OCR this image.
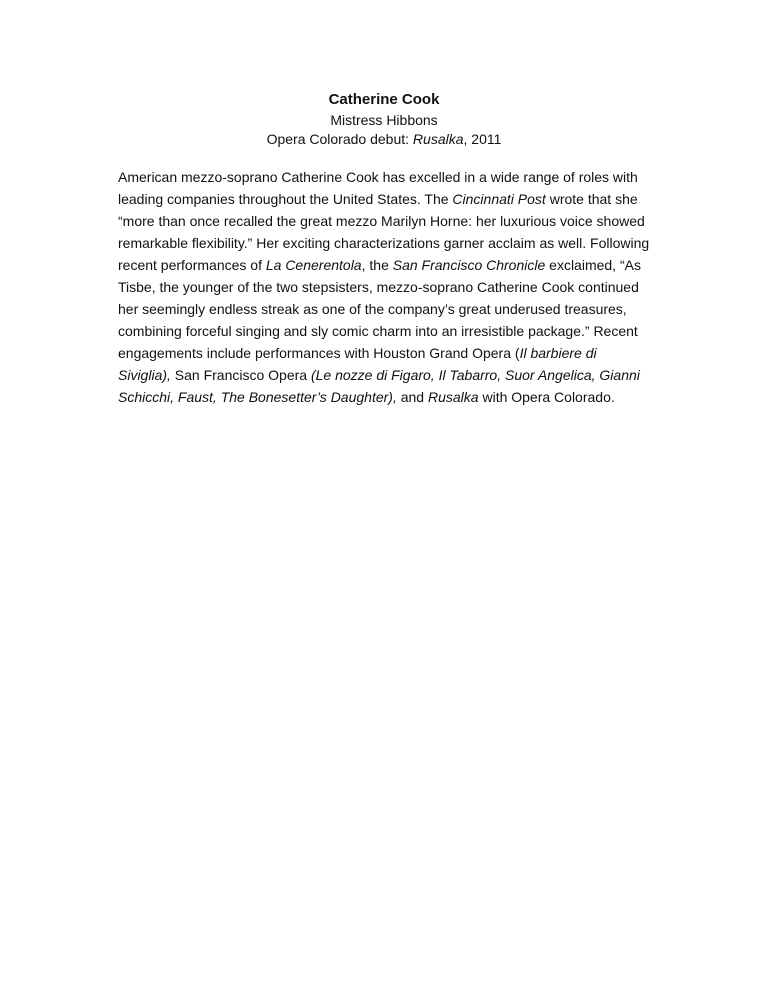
Catherine Cook
Mistress Hibbons
Opera Colorado debut: Rusalka, 2011

American mezzo-soprano Catherine Cook has excelled in a wide range of roles with leading companies throughout the United States. The Cincinnati Post wrote that she “more than once recalled the great mezzo Marilyn Horne: her luxurious voice showed remarkable flexibility.” Her exciting characterizations garner acclaim as well. Following recent performances of La Cenerentola, the San Francisco Chronicle exclaimed, “As Tisbe, the younger of the two stepsisters, mezzo-soprano Catherine Cook continued her seemingly endless streak as one of the company’s great underused treasures, combining forceful singing and sly comic charm into an irresistible package.” Recent engagements include performances with Houston Grand Opera (Il barbiere di Siviglia), San Francisco Opera (Le nozze di Figaro, Il Tabarro, Suor Angelica, Gianni Schicchi, Faust, The Bonesetter’s Daughter), and Rusalka with Opera Colorado.
